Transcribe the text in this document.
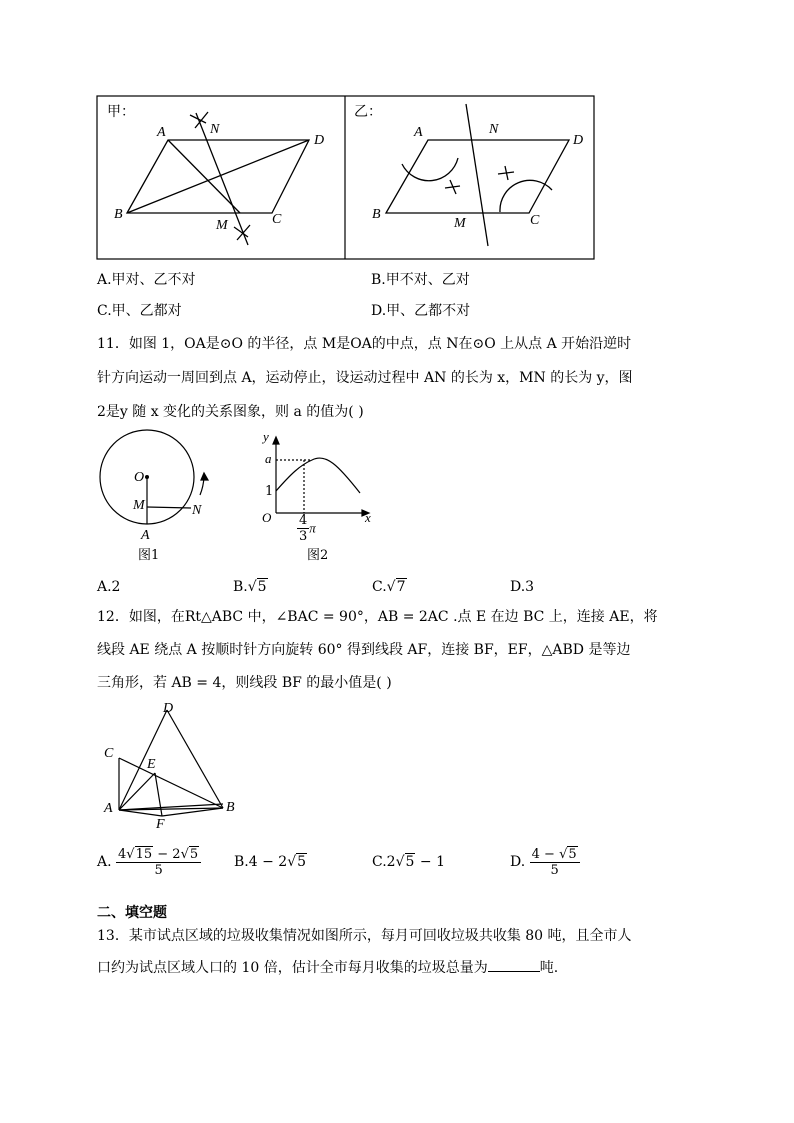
甲：
A	N
D
B
M	C
乙：
A	N
D
B
M	C
A.甲对、乙不对	B.甲不对、乙对
C.甲、乙都对	D.甲、乙都不对
11．如图 1，OA是⊙O 的半径，点 M是OA的中点，点 N在⊙O 上从点 A 开始沿逆时
针方向运动一周回到点 A，运动停止，设运动过程中 AN 的长为 x，MN 的长为 y，图
2是y 随 x 变化的关系图象，则 a 的值为( )
O
M	N
A
图1
y
a
1
O	x
$\frac{4}{3}$ π
图2
A.2	B.√5	C.√7	D.3
12．如图，在Rt△ABC 中，∠BAC = 90°，AB = 2AC .点 E 在边 BC 上，连接 AE，将
线段 AE 绕点 A 按顺时针方向旋转 60° 得到线段 AF，连接 BF，EF，△ABD 是等边
三角形，若 AB = 4，则线段 BF 的最小值是( )
D
C
E
A	B
F
A. $\frac{4√15 - 2√5}{5} B.4 - 2√5$	C.2√5 − 1	D. $\frac{4 - √5}{5}$
二、填空题
13．某市试点区域的垃圾收集情况如图所示，每月可回收垃圾共收集 80 吨，且全市人
口约为试点区域人口的 10 倍，估计全市每月收集的垃圾总量为	吨.
